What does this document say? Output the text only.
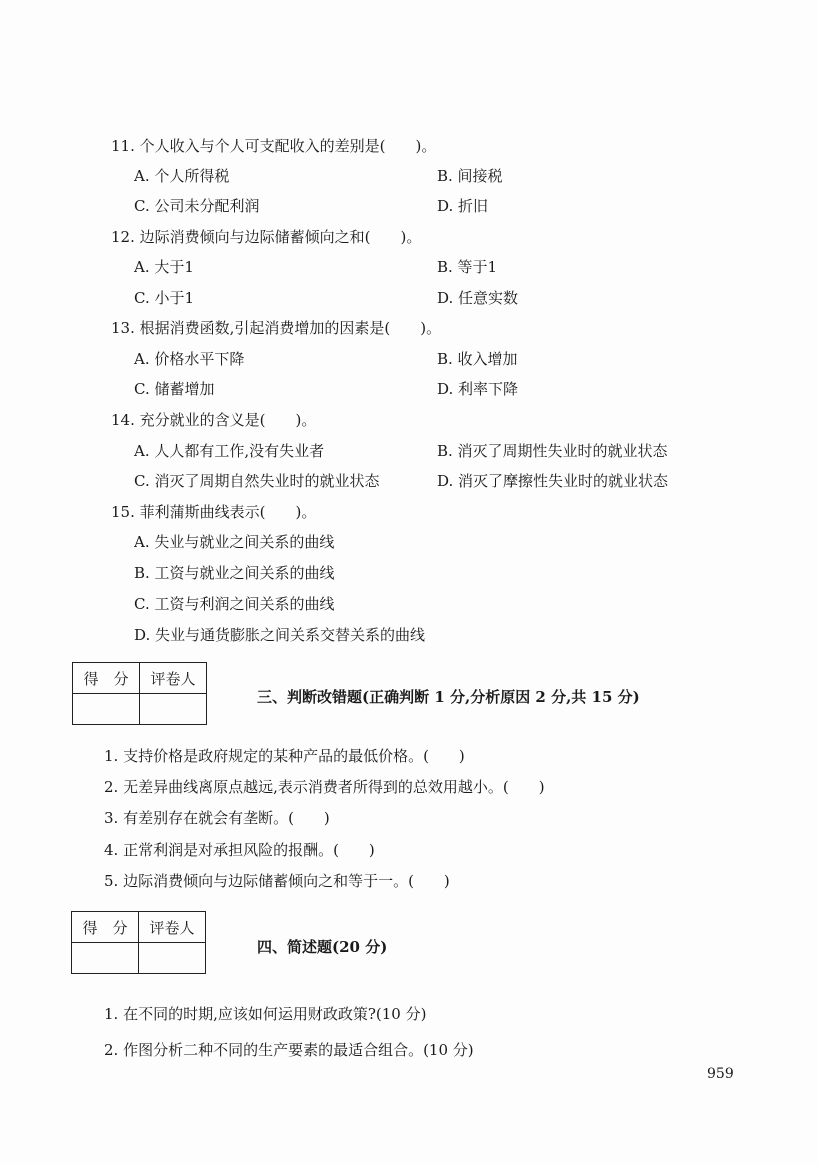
11. 个人收入与个人可支配收入的差别是(　　)。
A. 个人所得税	B. 间接税
C. 公司未分配利润	D. 折旧
12. 边际消费倾向与边际储蓄倾向之和(　　)。
A. 大于1	B. 等于1
C. 小于1	D. 任意实数
13. 根据消费函数,引起消费增加的因素是(　　)。
A. 价格水平下降	B. 收入增加
C. 储蓄增加	D. 利率下降
14. 充分就业的含义是(　　)。
A. 人人都有工作,没有失业者	B. 消灭了周期性失业时的就业状态
C. 消灭了周期自然失业时的就业状态	D. 消灭了摩擦性失业时的就业状态
15. 菲利蒲斯曲线表示(　　)。
A. 失业与就业之间关系的曲线
B. 工资与就业之间关系的曲线
C. 工资与利润之间关系的曲线
D. 失业与通货膨胀之间关系交替关系的曲线
得　分	评卷人

三、判断改错题(正确判断 1 分,分析原因 2 分,共 15 分)
1. 支持价格是政府规定的某种产品的最低价格。(　　)
2. 无差异曲线离原点越远,表示消费者所得到的总效用越小。(　　)
3. 有差别存在就会有垄断。(　　)
4. 正常利润是对承担风险的报酬。(　　)
5. 边际消费倾向与边际储蓄倾向之和等于一。(　　)
得　分	评卷人

四、简述题(20 分)
1. 在不同的时期,应该如何运用财政政策?(10 分)
2. 作图分析二种不同的生产要素的最适合组合。(10 分)
959
